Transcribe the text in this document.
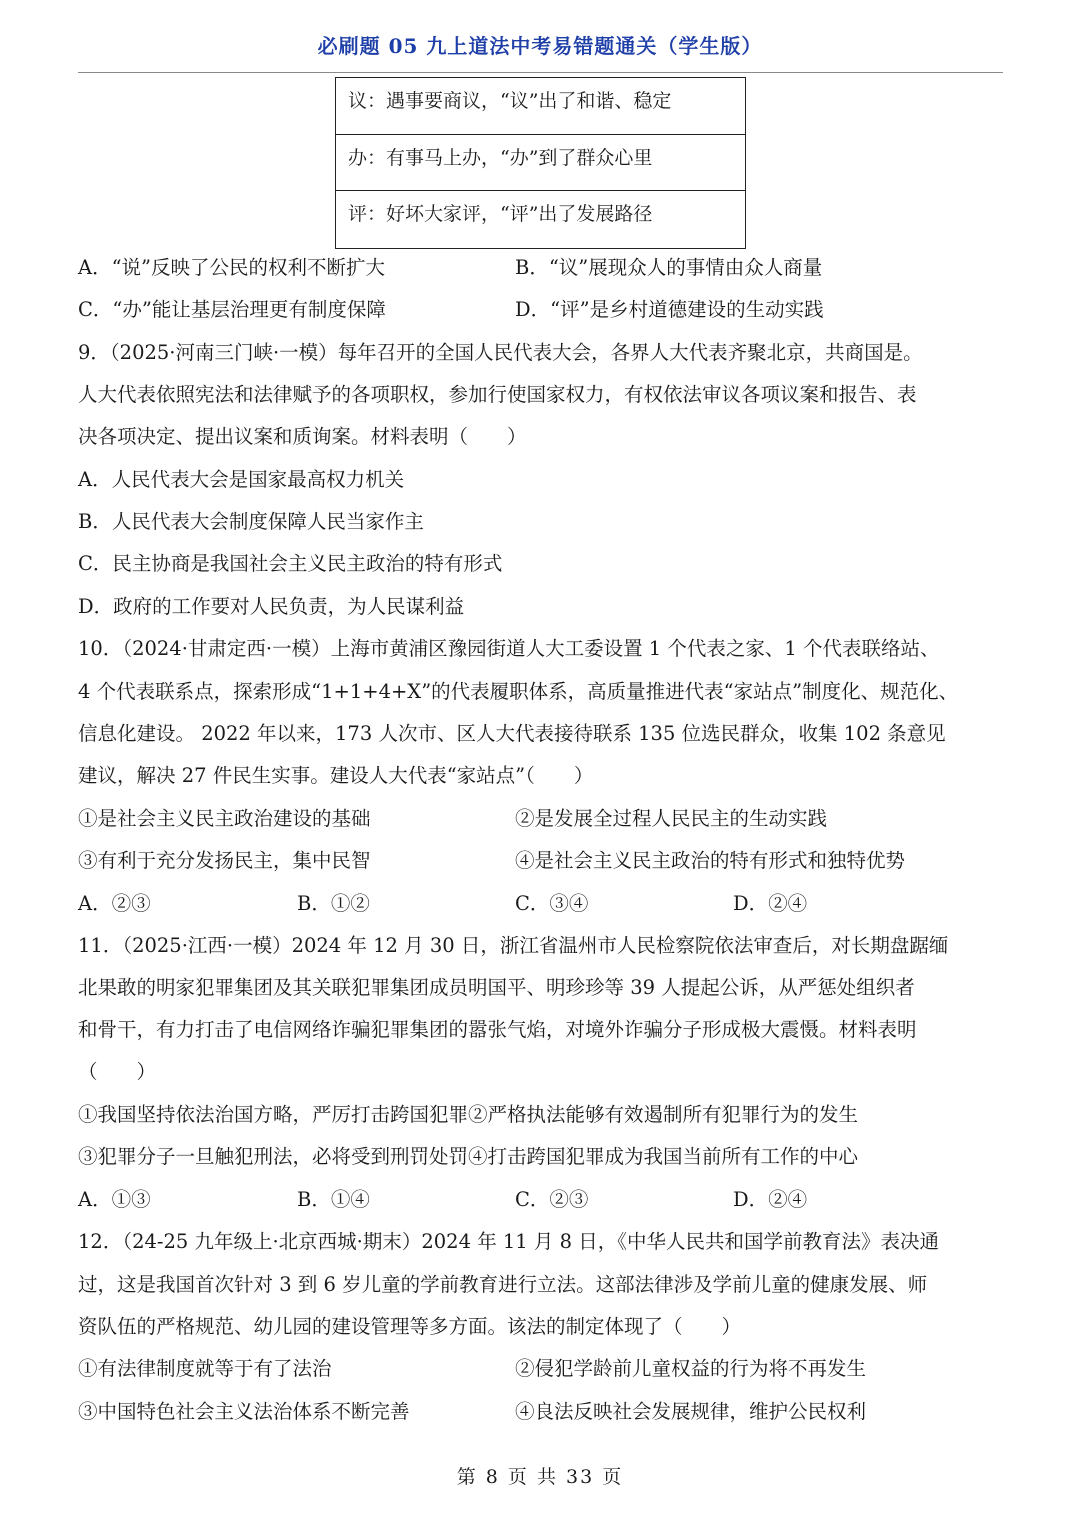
必刷题 05 九上道法中考易错题通关（学生版）
议：遇事要商议，“议”出了和谐、稳定
办：有事马上办，“办”到了群众心里
评：好坏大家评，“评”出了发展路径
A．“说”反映了公民的权利不断扩大	B．“议”展现众人的事情由众人商量
C．“办”能让基层治理更有制度保障	D．“评”是乡村道德建设的生动实践
9．（2025·河南三门峡·一模）每年召开的全国人民代表大会，各界人大代表齐聚北京，共商国是。
人大代表依照宪法和法律赋予的各项职权，参加行使国家权力，有权依法审议各项议案和报告、表
决各项决定、提出议案和质询案。材料表明（　　）
A．人民代表大会是国家最高权力机关
B．人民代表大会制度保障人民当家作主
C．民主协商是我国社会主义民主政治的特有形式
D．政府的工作要对人民负责，为人民谋利益
10．（2024·甘肃定西·一模）上海市黄浦区豫园街道人大工委设置 1 个代表之家、1 个代表联络站、
4 个代表联系点，探索形成“1+1+4+X”的代表履职体系，高质量推进代表“家站点”制度化、规范化、
信息化建设。 2022 年以来，173 人次市、区人大代表接待联系 135 位选民群众，收集 102 条意见
建议，解决 27 件民生实事。建设人大代表“家站点”（　　）
①是社会主义民主政治建设的基础	②是发展全过程人民民主的生动实践
③有利于充分发扬民主，集中民智	④是社会主义民主政治的特有形式和独特优势
A．②③	B．①②	C．③④	D．②④
11．（2025·江西·一模）2024 年 12 月 30 日，浙江省温州市人民检察院依法审查后，对长期盘踞缅
北果敢的明家犯罪集团及其关联犯罪集团成员明国平、明珍珍等 39 人提起公诉，从严惩处组织者
和骨干，有力打击了电信网络诈骗犯罪集团的嚣张气焰，对境外诈骗分子形成极大震慑。材料表明
（　　）
①我国坚持依法治国方略，严厉打击跨国犯罪②严格执法能够有效遏制所有犯罪行为的发生
③犯罪分子一旦触犯刑法，必将受到刑罚处罚④打击跨国犯罪成为我国当前所有工作的中心
A．①③	B．①④	C．②③	D．②④
12．（24-25 九年级上·北京西城·期末）2024 年 11 月 8 日，《中华人民共和国学前教育法》表决通
过，这是我国首次针对 3 到 6 岁儿童的学前教育进行立法。这部法律涉及学前儿童的健康发展、师
资队伍的严格规范、幼儿园的建设管理等多方面。该法的制定体现了（　　）
①有法律制度就等于有了法治	②侵犯学龄前儿童权益的行为将不再发生
③中国特色社会主义法治体系不断完善	④良法反映社会发展规律，维护公民权利
第 8 页 共 33 页
